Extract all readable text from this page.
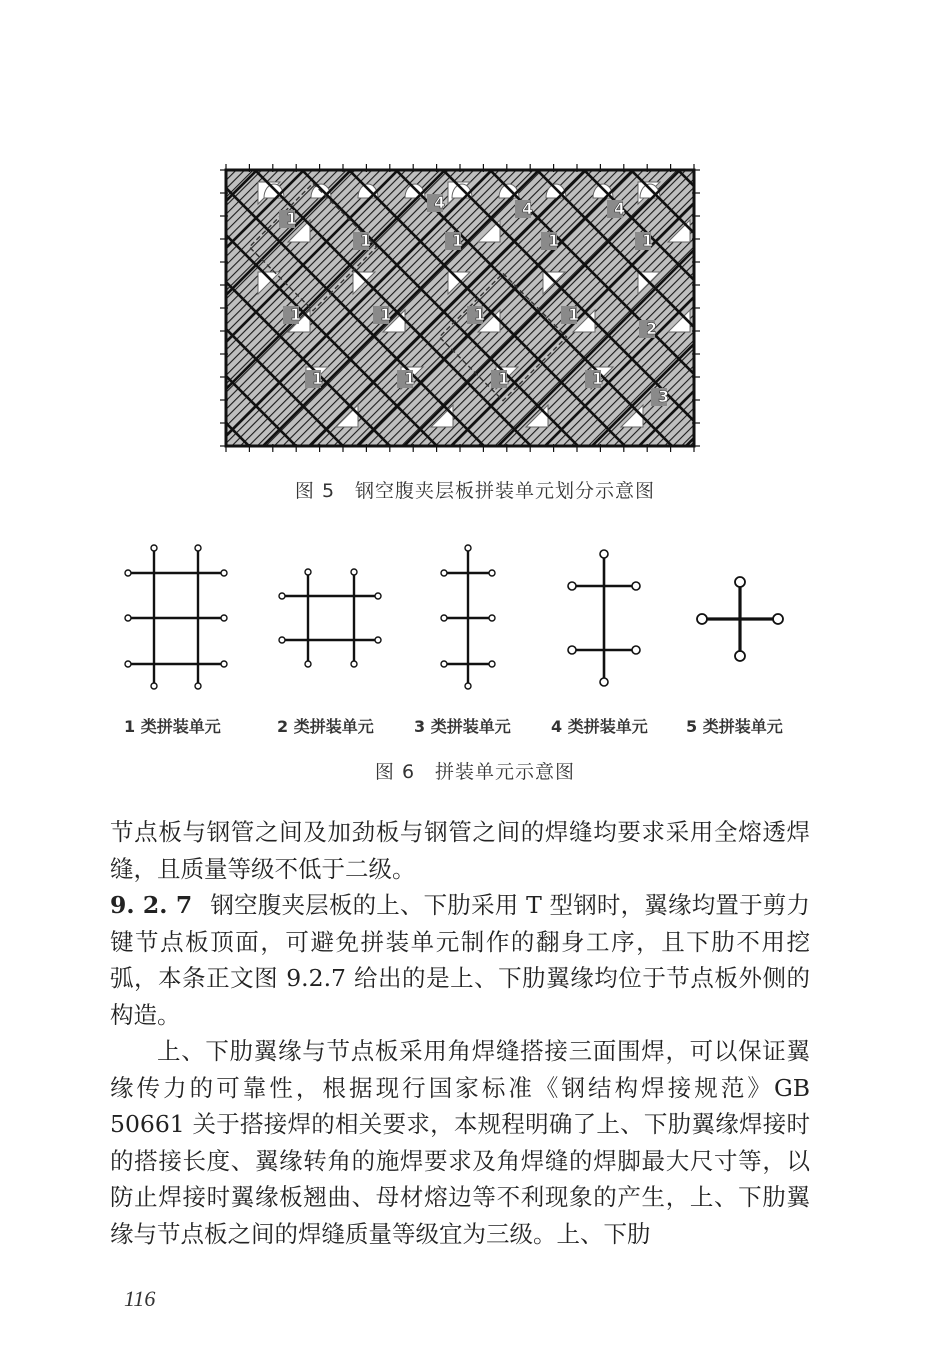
1
1	1	1	1
1	1	1	1
1	1	1	1
2
3
4	4	4
图 5　钢空腹夹层板拼装单元划分示意图
1 类拼装单元	2 类拼装单元	3 类拼装单元	4 类拼装单元 5 类拼装单元
图 6　拼装单元示意图

节点板与钢管之间及加劲板与钢管之间的焊缝均要求采用全熔透焊缝，且质量等级不低于二级。

9. 2. 7 钢空腹夹层板的上、下肋采用 T 型钢时，翼缘均置于剪力键节点板顶面，可避免拼装单元制作的翻身工序，且下肋不用挖弧，本条正文图 9.2.7 给出的是上、下肋翼缘均位于节点板外侧的构造。

上、下肋翼缘与节点板采用角焊缝搭接三面围焊，可以保证翼缘传力的可靠性，根据现行国家标准《钢结构焊接规范》GB 50661 关于搭接焊的相关要求，本规程明确了上、下肋翼缘焊接时的搭接长度、翼缘转角的施焊要求及角焊缝的焊脚最大尺寸等，以防止焊接时翼缘板翘曲、母材熔边等不利现象的产生，上、下肋翼缘与节点板之间的焊缝质量等级宜为三级。上、下肋

116
